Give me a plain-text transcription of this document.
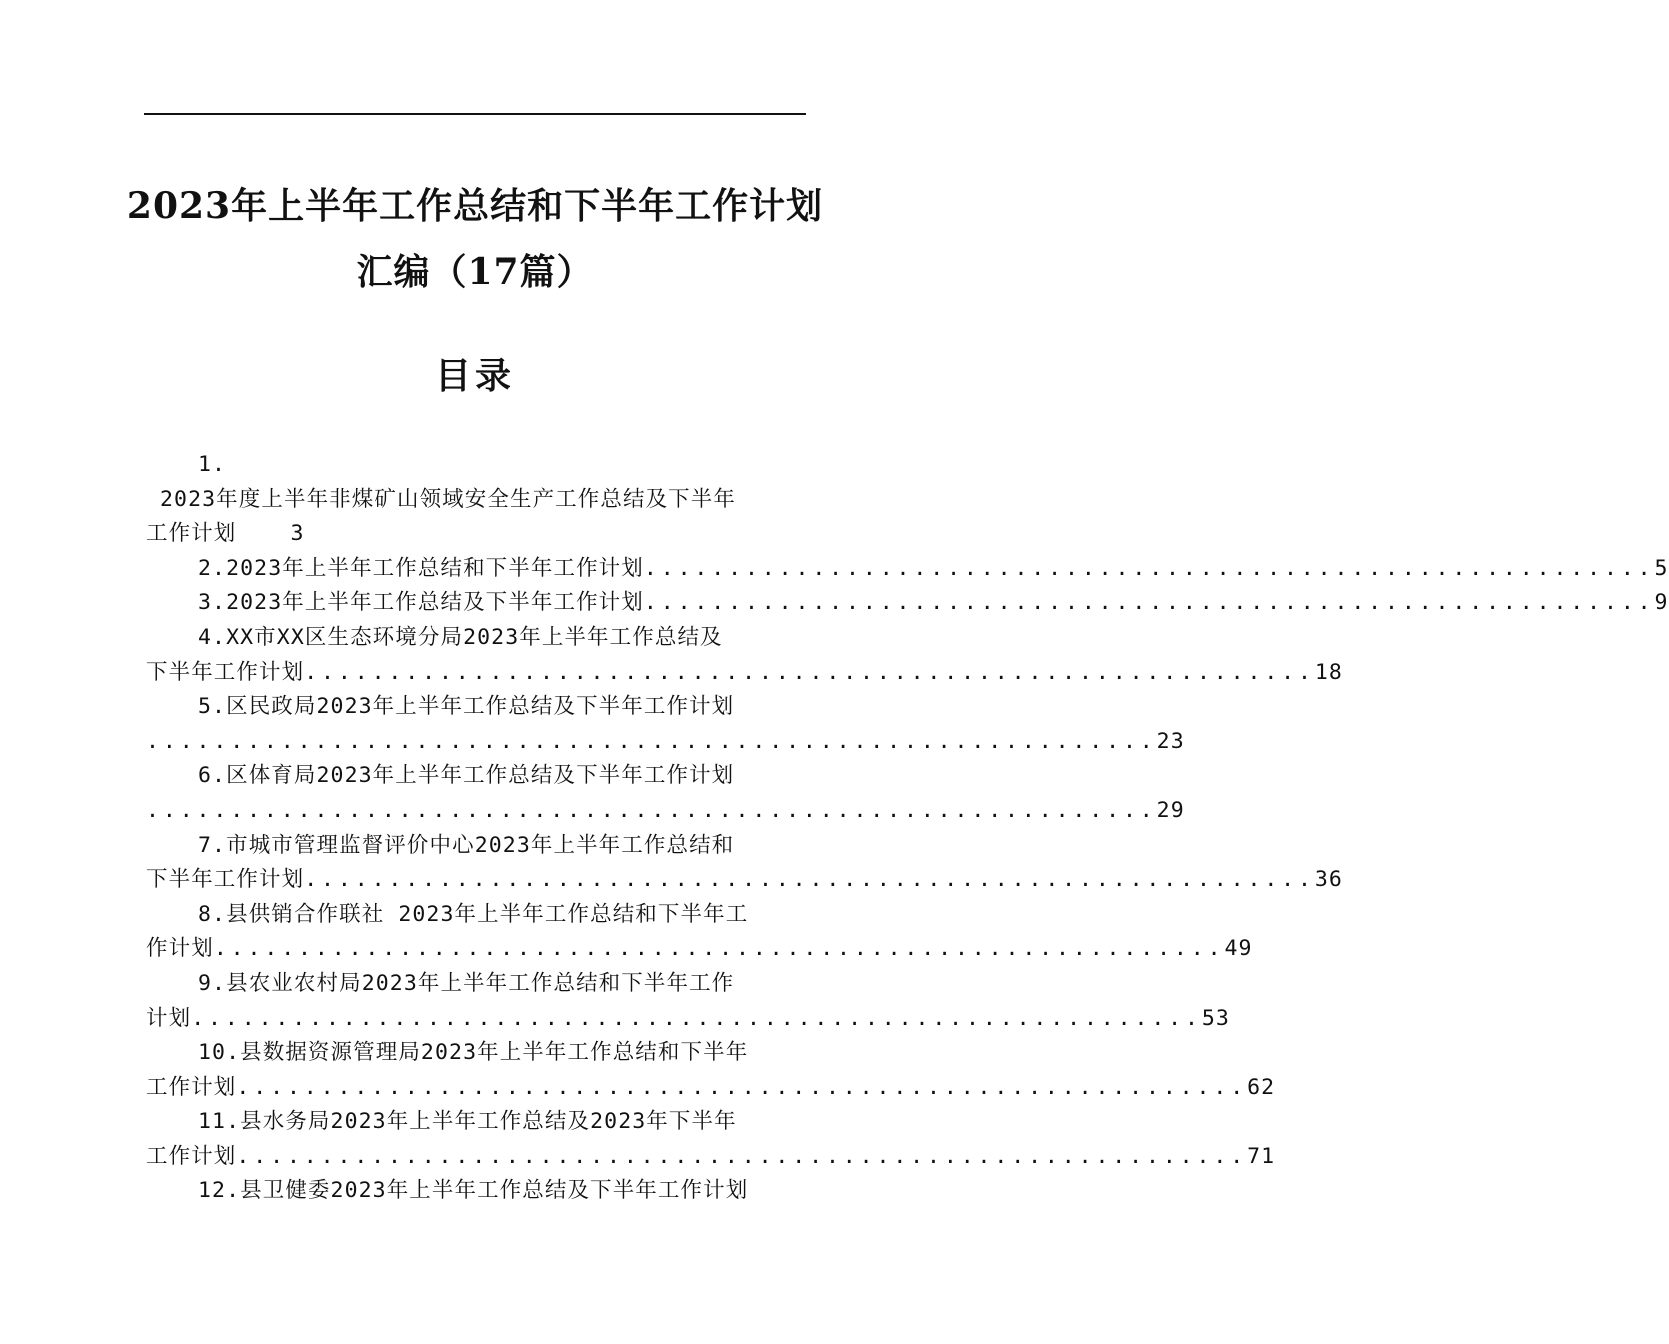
2023年上半年工作总结和下半年工作计划
汇编（17篇）
目录
1.
2023年度上半年非煤矿山领域安全生产工作总结及下半年
工作计划	3
2.2023年上半年工作总结和下半年工作计划 ............................................................ 5
3.2023年上半年工作总结及下半年工作计划 ............................................................ 9
4.XX市XX区生态环境分局2023年上半年工作总结及
下半年工作计划 ............................................................ 18
5.区民政局2023年上半年工作总结及下半年工作计划
............................................................ 23
6.区体育局2023年上半年工作总结及下半年工作计划
............................................................ 29
7.市城市管理监督评价中心2023年上半年工作总结和
下半年工作计划 ............................................................ 36
8.县供销合作联社 2023年上半年工作总结和下半年工
作计划 ............................................................ 49
9.县农业农村局2023年上半年工作总结和下半年工作
计划 ............................................................ 53
10.县数据资源管理局2023年上半年工作总结和下半年
工作计划 ............................................................ 62
11.县水务局2023年上半年工作总结及2023年下半年
工作计划 ............................................................ 71
12.县卫健委2023年上半年工作总结及下半年工作计划
